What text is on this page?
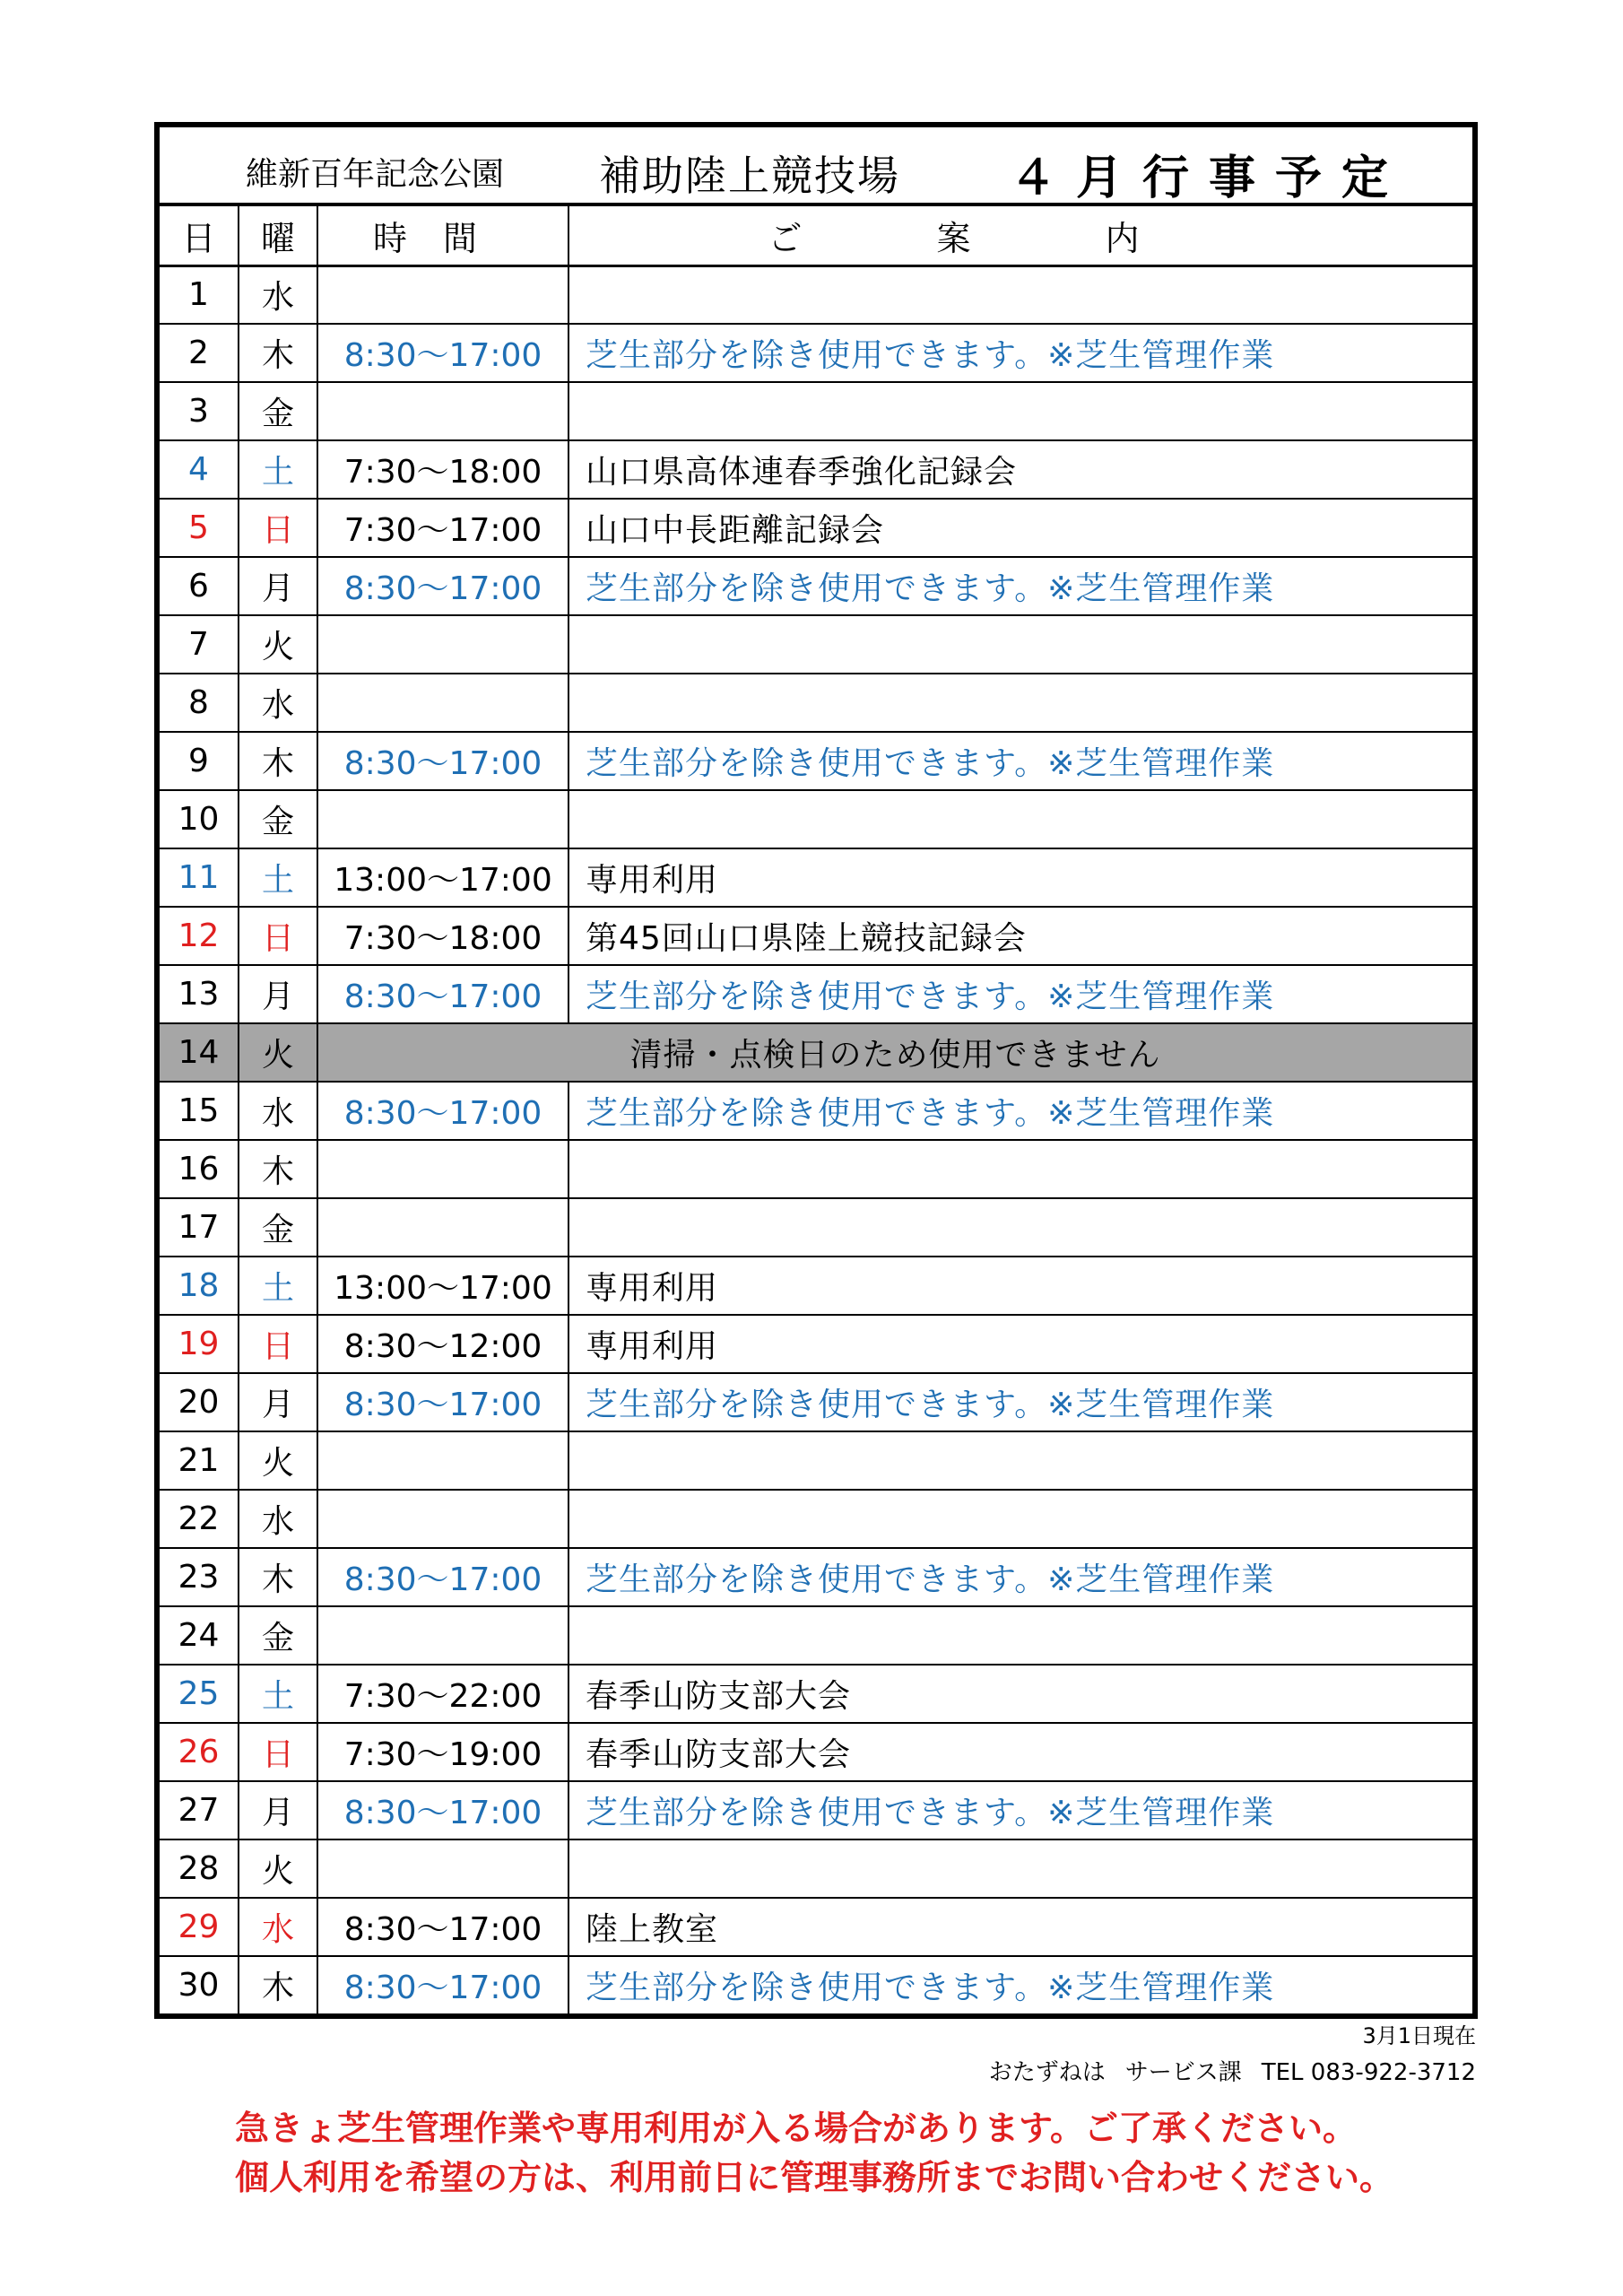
維新百年記念公園 補助陸上競技場 ４月行事予定			

日	曜	時間	ご案内
1	水		
2	木	8:30～17:00	芝生部分を除き使用できます。※芝生管理作業
3	金		
4	土	7:30～18:00	山口県高体連春季強化記録会
5	日	7:30～17:00	山口中長距離記録会
6	月	8:30～17:00	芝生部分を除き使用できます。※芝生管理作業
7	火		
8	水		
9	木	8:30～17:00	芝生部分を除き使用できます。※芝生管理作業
10	金		
11	土	13:00～17:00	専用利用
12	日	7:30～18:00	第45回山口県陸上競技記録会
13	月	8:30～17:00	芝生部分を除き使用できます。※芝生管理作業
14	火	清掃・点検日のため使用できません	
15	水	8:30～17:00	芝生部分を除き使用できます。※芝生管理作業
16	木		
17	金		
18	土	13:00～17:00	専用利用
19	日	8:30～12:00	専用利用
20	月	8:30～17:00	芝生部分を除き使用できます。※芝生管理作業
21	火		
22	水		
23	木	8:30～17:00	芝生部分を除き使用できます。※芝生管理作業
24	金		
25	土	7:30～22:00	春季山防支部大会
26	日	7:30～19:00	春季山防支部大会
27	月	8:30～17:00	芝生部分を除き使用できます。※芝生管理作業
28	火		
29	水	8:30～17:00	陸上教室
30	木	8:30～17:00	芝生部分を除き使用できます。※芝生管理作業
3月1日現在
おたずねは サービス課 TEL 083-922-3712
急きょ芝生管理作業や専用利用が入る場合があります。ご了承ください。
個人利用を希望の方は、利用前日に管理事務所までお問い合わせください。
